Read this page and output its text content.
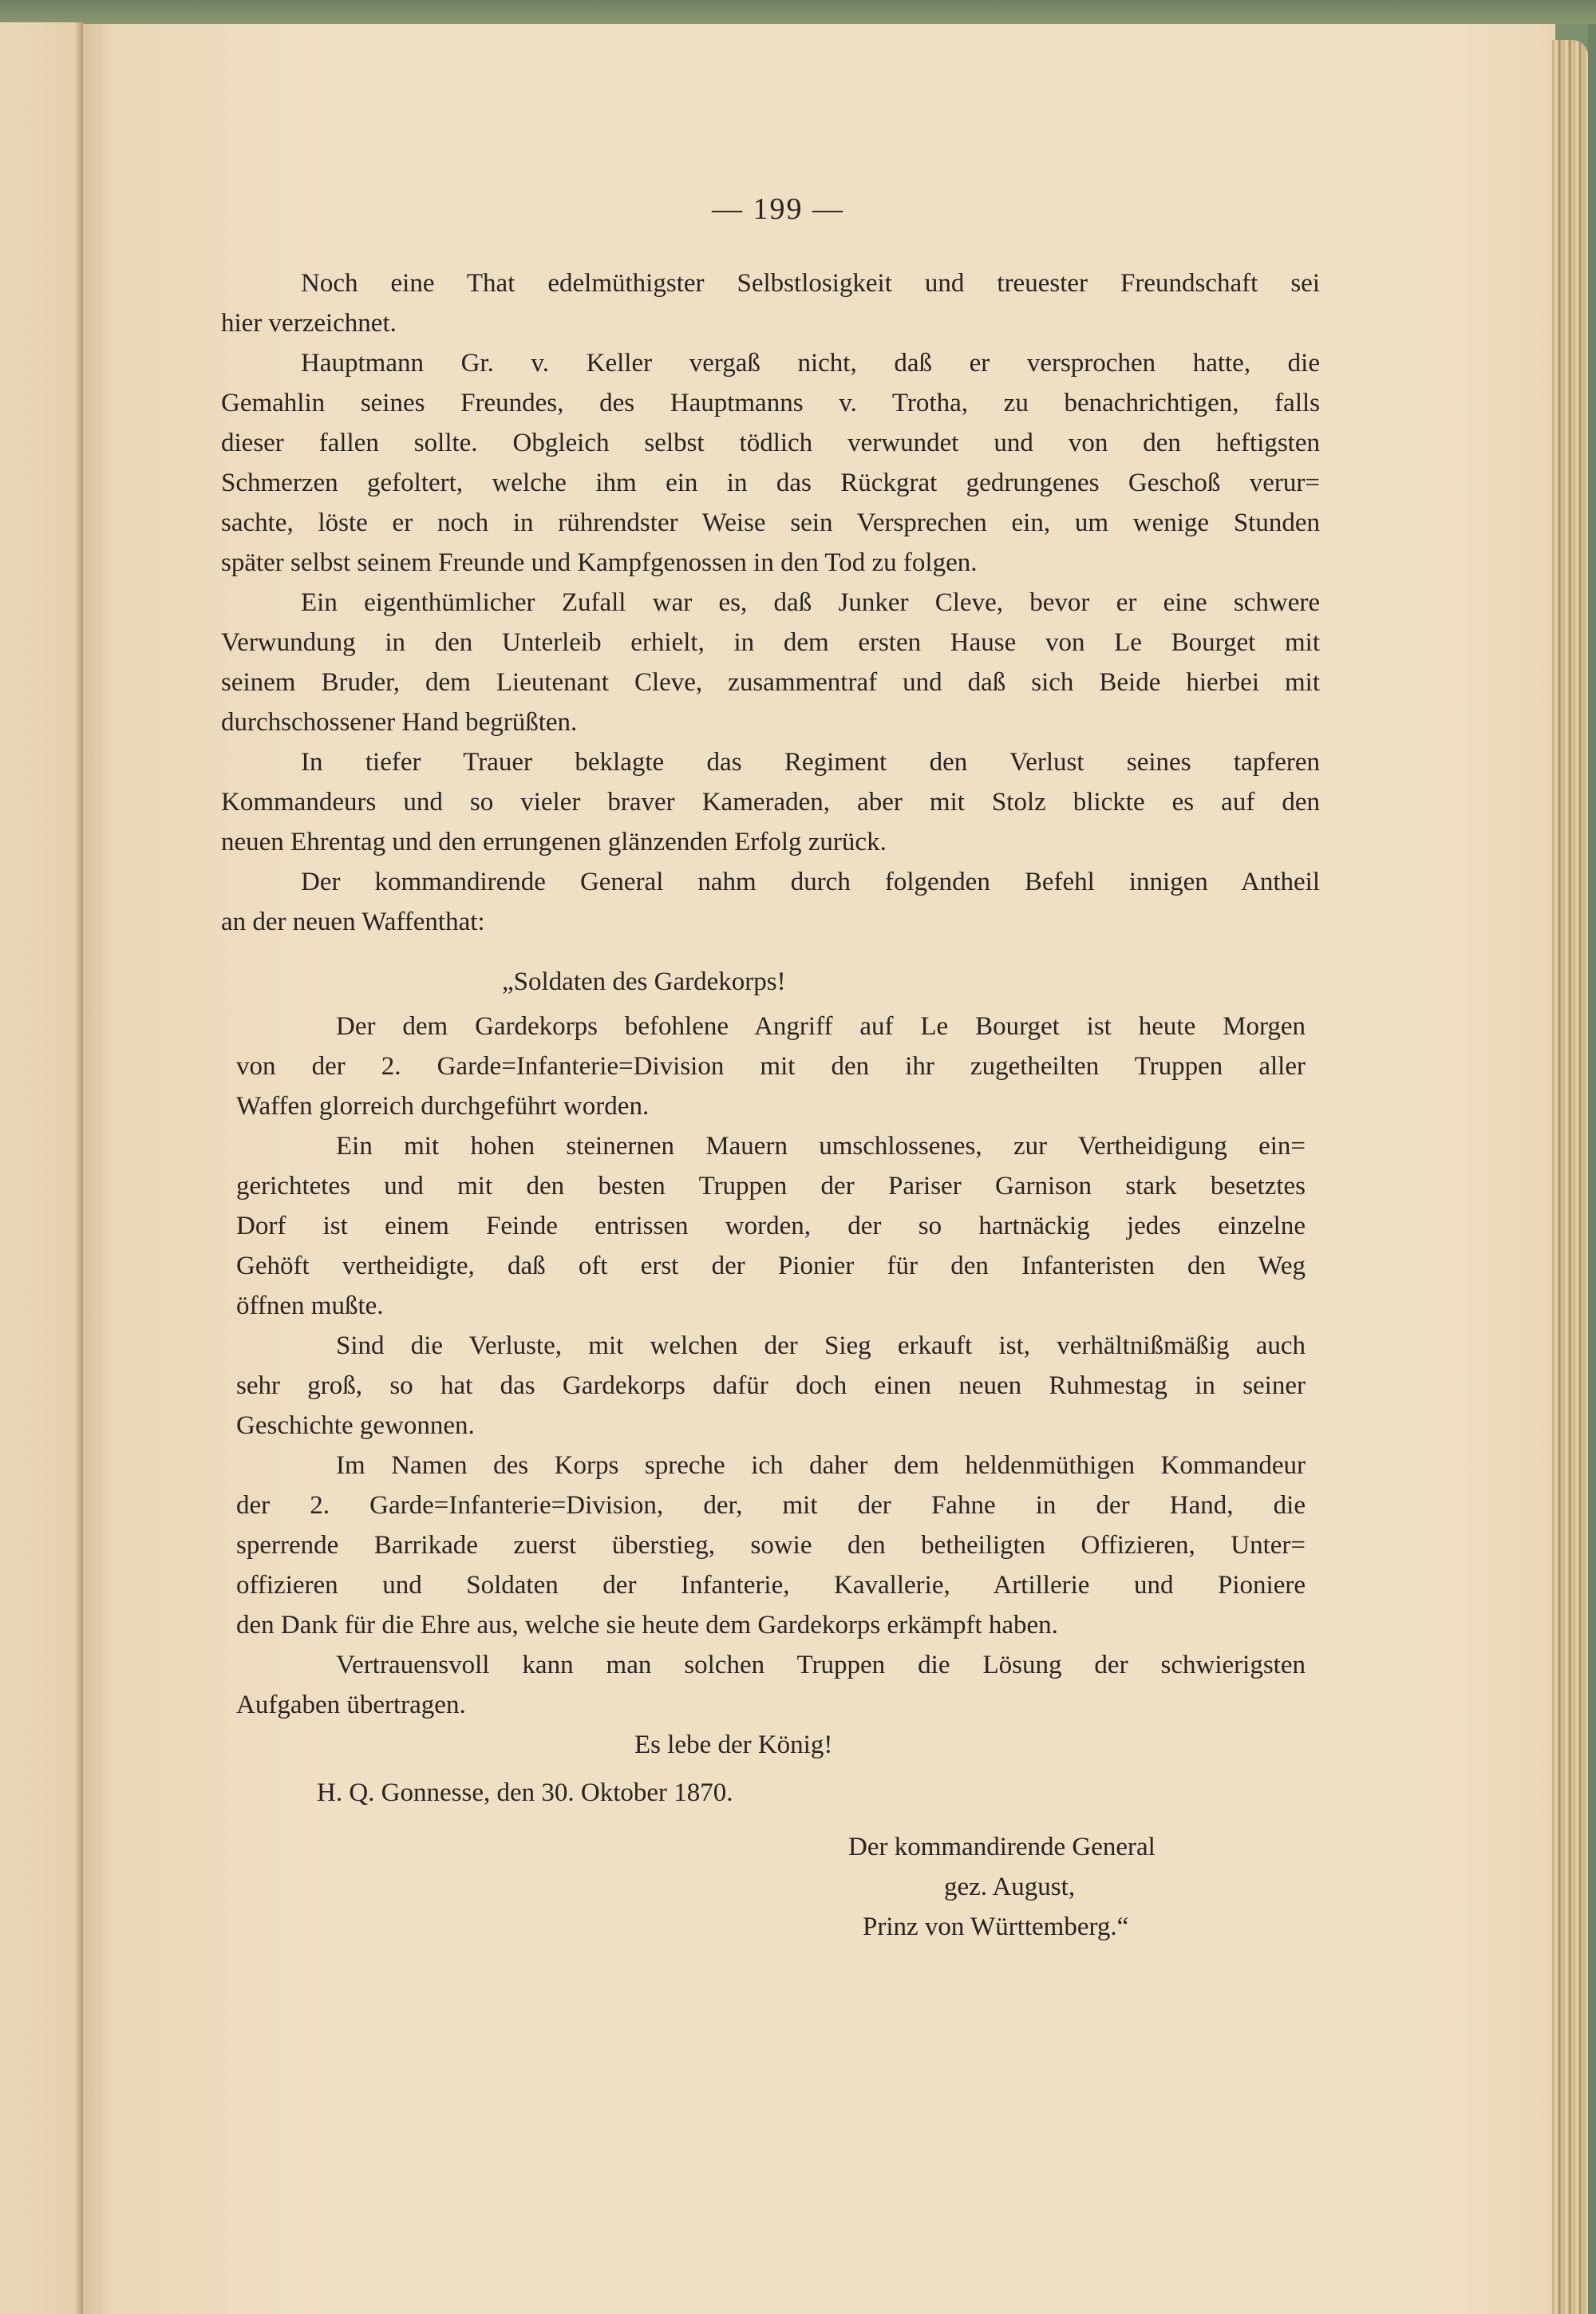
— 199 —
Noch eine That edelmüthigster Selbstlosigkeit und treuester Freundschaft sei
hier verzeichnet.
Hauptmann Gr. v. Keller vergaß nicht, daß er versprochen hatte, die
Gemahlin seines Freundes, des Hauptmanns v. Trotha, zu benachrichtigen, falls
dieser fallen sollte. Obgleich selbst tödlich verwundet und von den heftigsten
Schmerzen gefoltert, welche ihm ein in das Rückgrat gedrungenes Geschoß verur=
sachte, löste er noch in rührendster Weise sein Versprechen ein, um wenige Stunden
später selbst seinem Freunde und Kampfgenossen in den Tod zu folgen.
Ein eigenthümlicher Zufall war es, daß Junker Cleve, bevor er eine schwere
Verwundung in den Unterleib erhielt, in dem ersten Hause von Le Bourget mit
seinem Bruder, dem Lieutenant Cleve, zusammentraf und daß sich Beide hierbei mit
durchschossener Hand begrüßten.
In tiefer Trauer beklagte das Regiment den Verlust seines tapferen
Kommandeurs und so vieler braver Kameraden, aber mit Stolz blickte es auf den
neuen Ehrentag und den errungenen glänzenden Erfolg zurück.
Der kommandirende General nahm durch folgenden Befehl innigen Antheil
an der neuen Waffenthat:
„Soldaten des Gardekorps!
Der dem Gardekorps befohlene Angriff auf Le Bourget ist heute Morgen
von der 2. Garde=Infanterie=Division mit den ihr zugetheilten Truppen aller
Waffen glorreich durchgeführt worden.
Ein mit hohen steinernen Mauern umschlossenes, zur Vertheidigung ein=
gerichtetes und mit den besten Truppen der Pariser Garnison stark besetztes
Dorf ist einem Feinde entrissen worden, der so hartnäckig jedes einzelne
Gehöft vertheidigte, daß oft erst der Pionier für den Infanteristen den Weg
öffnen mußte.
Sind die Verluste, mit welchen der Sieg erkauft ist, verhältnißmäßig auch
sehr groß, so hat das Gardekorps dafür doch einen neuen Ruhmestag in seiner
Geschichte gewonnen.
Im Namen des Korps spreche ich daher dem heldenmüthigen Kommandeur
der 2. Garde=Infanterie=Division, der, mit der Fahne in der Hand, die
sperrende Barrikade zuerst überstieg, sowie den betheiligten Offizieren, Unter=
offizieren und Soldaten der Infanterie, Kavallerie, Artillerie und Pioniere
den Dank für die Ehre aus, welche sie heute dem Gardekorps erkämpft haben.
Vertrauensvoll kann man solchen Truppen die Lösung der schwierigsten
Aufgaben übertragen.
Es lebe der König!
H. Q. Gonnesse, den 30. Oktober 1870.
Der kommandirende General
gez. August,
Prinz von Württemberg.“
